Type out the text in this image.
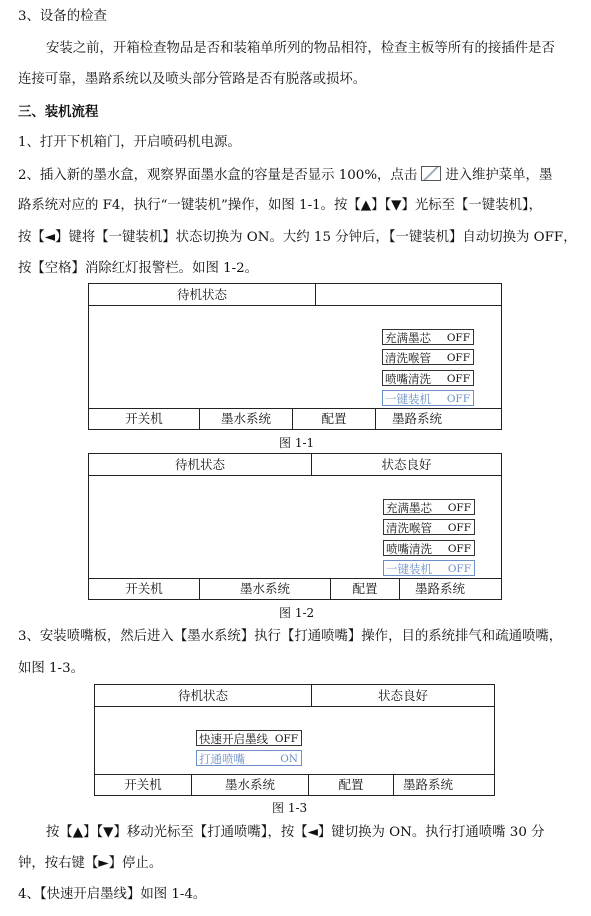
3、设备的检查
安装之前，开箱检查物品是否和装箱单所列的物品相符，检查主板等所有的接插件是否
连接可靠，墨路系统以及喷头部分管路是否有脱落或损坏。
三、装机流程
1、打开下机箱门，开启喷码机电源。
2、插入新的墨水盒，观察界面墨水盒的容量是否显示 100%，点击 进入维护菜单，墨
路系统对应的 F4，执行“一键装机”操作，如图 1-1。按【▲】【▼】光标至【一键装机】，
按【◄】键将【一键装机】状态切换为 ON。大约 15 分钟后，【一键装机】自动切换为 OFF，
按【空格】消除红灯报警栏。如图 1-2。
待机状态
充满墨芯 OFF
清洗喉管 OFF
喷嘴清洗 OFF
一键装机 OFF
开关机	墨水系统	配置	墨路系统
图 1-1
待机状态	状态良好
充满墨芯 OFF
清洗喉管 OFF
喷嘴清洗 OFF
一键装机 OFF
开关机	墨水系统	配置	墨路系统
图 1-2
3、安装喷嘴板，然后进入【墨水系统】执行【打通喷嘴】操作，目的系统排气和疏通喷嘴，
如图 1-3。
待机状态	状态良好
快速开启墨线 OFF
打通喷嘴	ON
开关机	墨水系统	配置	墨路系统
图 1-3
按【▲】【▼】移动光标至【打通喷嘴】，按【◄】键切换为 ON。执行打通喷嘴 30 分
钟，按右键【►】停止。
4、【快速开启墨线】如图 1-4。
